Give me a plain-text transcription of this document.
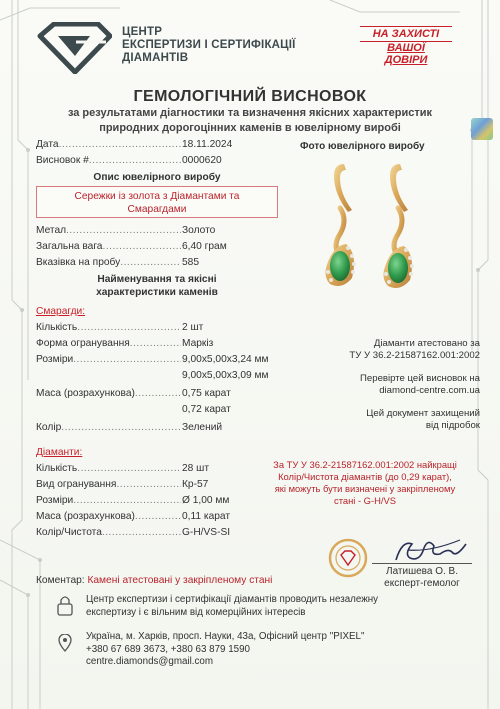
ЦЕНТР
ЕКСПЕРТИЗИ І СЕРТИФІКАЦІЇ
ДІАМАНТІВ
НА ЗАХИСТІ
ВАШОЇ
ДОВІРИ
ГЕМОЛОГІЧНИЙ ВИСНОВОК
за результатами діагностики та визначення якісних характеристик
природних дорогоцінних каменів в ювелірному виробі
Дата .....	18.11.2024
Висновок # .....	0000620
Опис ювелірного виробу
Сережки із золота з Діамантами та
Смарагдами
Метал .....	Золото
Загальна вага .....	6,40 грам
Вказівка на пробу .....	585
Найменування та якісні
характеристики каменів
Фото ювелірного виробу
Смарагди:
Кількість .....	2 шт
Форма огранування .....	Маркіз
Розміри .....	9,00x5,00x3,24 мм
9,00x5,00x3,09 мм
Маса (розрахункова) .....	0,75 карат
0,72 карат
Колір .....	Зелений
Діаманти атестовано за
ТУ У 36.2-21587162.001:2002
Перевірте цей висновок на
diamond-centre.com.ua
Цей документ захищений
від підробок
Діаманти:
Кількість .....	28 шт
Вид огранування .....	Кр-57
Розміри .....	Ø 1,00 мм
Маса (розрахункова) .....	0,11 карат
Колір/Чистота .....	G-H/VS-SI
За ТУ У 36.2-21587162.001:2002 найкращі
Колір/Чистота діамантів (до 0,29 карат),
які можуть бути визначені у закріпленому
стані - G-H/VS
Латишева О. В.
експерт-гемолог
Коментар: Камені атестовані у закріпленому стані
Центр експертизи і сертифікації діамантів проводить незалежну
експертизу і є вільним від комерційних інтересів
Україна, м. Харків, просп. Науки, 43а, Офісний центр "PIXEL"
+380 67 689 3673, +380 63 879 1590
centre.diamonds@gmail.com
